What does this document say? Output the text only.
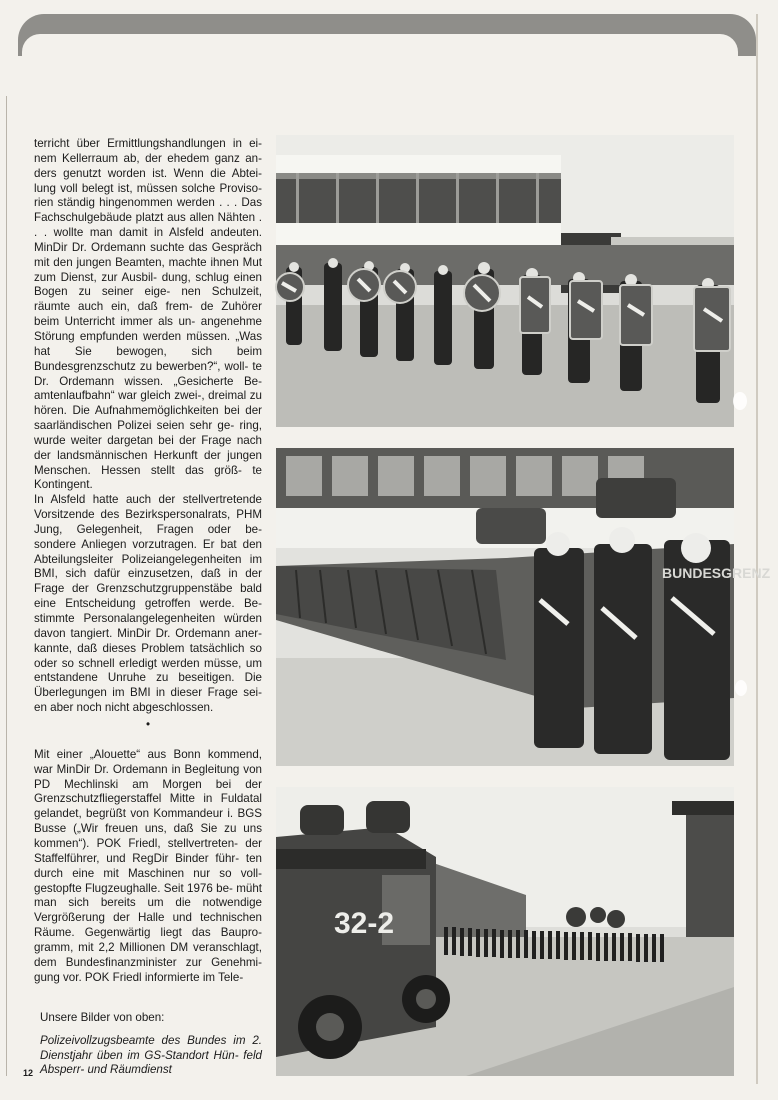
terricht über Ermittlungshandlungen in ei- nem Kellerraum ab, der ehedem ganz an- ders genutzt worden ist. Wenn die Abtei- lung voll belegt ist, müssen solche Proviso- rien ständig hingenommen werden . . . Das Fachschulgebäude platzt aus allen Nähten . . . wollte man damit in Alsfeld andeuten. MinDir Dr. Ordemann suchte das Gespräch mit den jungen Beamten, machte ihnen Mut zum Dienst, zur Ausbil- dung, schlug einen Bogen zu seiner eige- nen Schulzeit, räumte auch ein, daß frem- de Zuhörer beim Unterricht immer als un- angenehme Störung empfunden werden müssen. „Was hat Sie bewogen, sich beim Bundesgrenzschutz zu bewerben?“, woll- te Dr. Ordemann wissen. „Gesicherte Be- amtenlaufbahn“ war gleich zwei-, dreimal zu hören. Die Aufnahmemöglichkeiten bei der saarländischen Polizei seien sehr ge- ring, wurde weiter dargetan bei der Frage nach der landsmännischen Herkunft der jungen Menschen. Hessen stellt das größ- te Kontingent.

In Alsfeld hatte auch der stellvertretende Vorsitzende des Bezirkspersonalrats, PHM Jung, Gelegenheit, Fragen oder be- sondere Anliegen vorzutragen. Er bat den Abteilungsleiter Polizeiangelegenheiten im BMI, sich dafür einzusetzen, daß in der Frage der Grenzschutzgruppenstäbe bald eine Entscheidung getroffen werde. Be- stimmte Personalangelegenheiten würden davon tangiert. MinDir Dr. Ordemann aner- kannte, daß dieses Problem tatsächlich so oder so schnell erledigt werden müsse, um entstandene Unruhe zu beseitigen. Die Überlegungen im BMI in dieser Frage sei- en aber noch nicht abgeschlossen.

•

Mit einer „Alouette“ aus Bonn kommend, war MinDir Dr. Ordemann in Begleitung von PD Mechlinski am Morgen bei der Grenzschutzfliegerstaffel Mitte in Fuldatal gelandet, begrüßt von Kommandeur i. BGS Busse („Wir freuen uns, daß Sie zu uns kommen“). POK Friedl, stellvertreten- der Staffelführer, und RegDir Binder führ- ten durch eine mit Maschinen nur so voll- gestopfte Flugzeughalle. Seit 1976 be- müht man sich bereits um die notwendige Vergrößerung der Halle und technischen Räume. Gegenwärtig liegt das Baupro- gramm, mit 2,2 Millionen DM veranschlagt, dem Bundesfinanzminister zur Genehmi- gung vor. POK Friedl informierte im Tele-

Unsere Bilder von oben:
Polizeivollzugsbeamte des Bundes im 2. Dienstjahr üben im GS-Standort Hün- feld Absperr- und Räumdienst
12
BUNDESGRENZ
32-2
